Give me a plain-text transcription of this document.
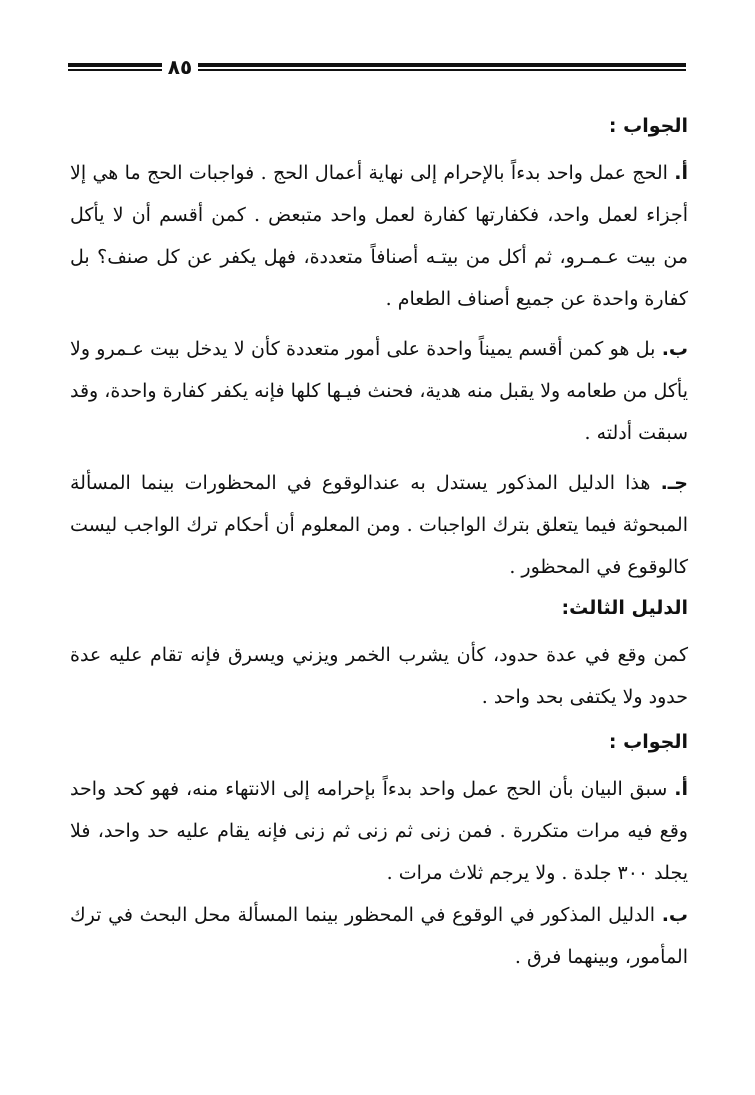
٨٥
الجواب :

أ. الحج عمل واحد بدءاً بالإحرام إلى نهاية أعمال الحج . فواجبات الحج ما هي إلا أجزاء لعمل واحد، فكفارتها كفارة لعمل واحد متبعض . كمن أقسم أن لا يأكل من بيت عـمـرو، ثم أكل من بيتـه أصنافاً متعددة، فهل يكفر عن كل صنف؟ بل كفارة واحدة عن جميع أصناف الطعام .

ب. بل هو كمن أقسم يميناً واحدة على أمور متعددة كأن لا يدخل بيت عـمرو ولا يأكل من طعامه ولا يقبل منه هدية، فحنث فيـها كلها فإنه يكفر كفارة واحدة، وقد سبقت أدلته .

جـ. هذا الدليل المذكور يستدل به عندالوقوع في المحظورات بينما المسألة المبحوثة فيما يتعلق بترك الواجبات . ومن المعلوم أن أحكام ترك الواجب ليست كالوقوع في المحظور .

الدليل الثالث:

كمن وقع في عدة حدود، كأن يشرب الخمر ويزني ويسرق فإنه تقام عليه عدة حدود ولا يكتفى بحد واحد .

الجواب :

أ. سبق البيان بأن الحج عمل واحد بدءاً بإحرامه إلى الانتهاء منه، فهو كحد واحد وقع فيه مرات متكررة . فمن زنى ثم زنى ثم زنى فإنه يقام عليه حد واحد، فلا يجلد ٣٠٠ جلدة . ولا يرجم ثلاث مرات .

ب. الدليل المذكور في الوقوع في المحظور بينما المسألة محل البحث في ترك المأمور، وبينهما فرق .
